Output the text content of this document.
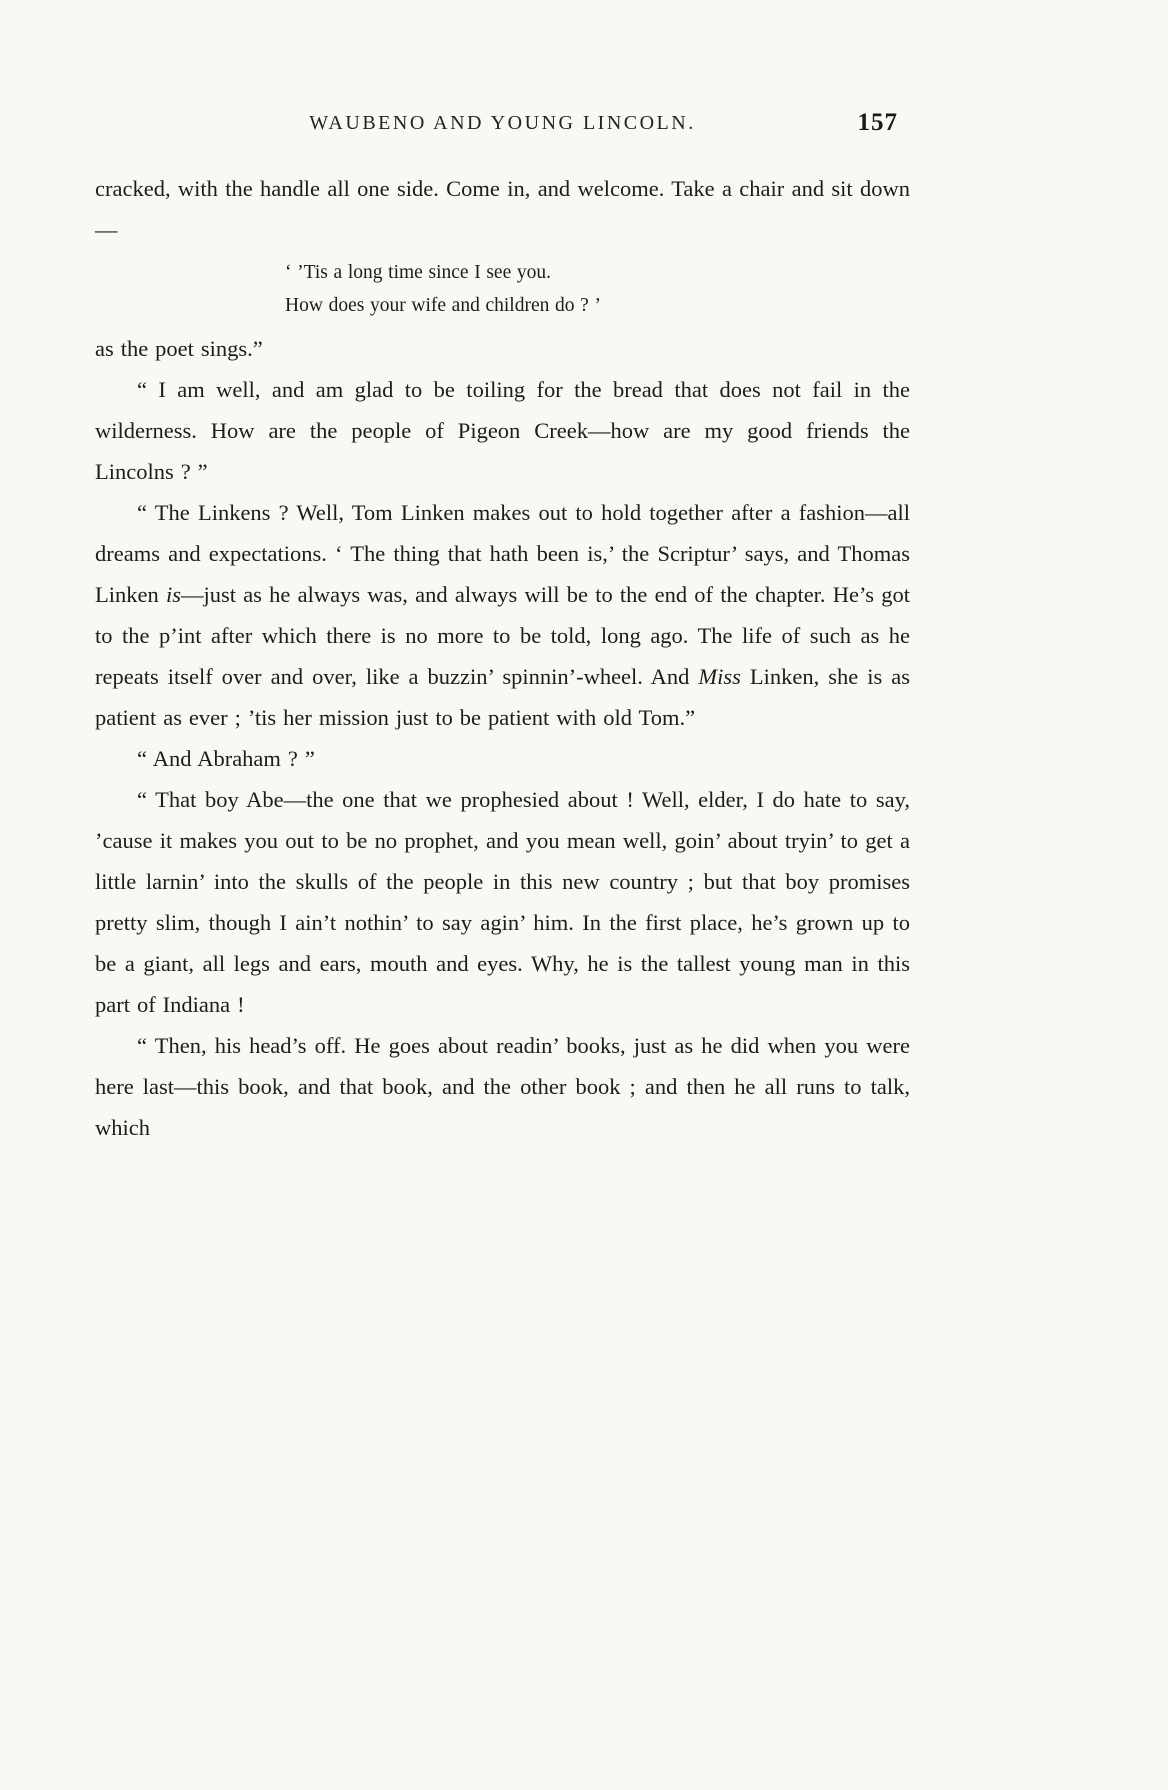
WAUBENO AND YOUNG LINCOLN.	157

cracked, with the handle all one side. Come in, and welcome. Take a chair and sit down—

‘ ’Tis a long time since I see you.
How does your wife and children do ? ’

as the poet sings.”

“ I am well, and am glad to be toiling for the bread that does not fail in the wilderness. How are the people of Pigeon Creek—how are my good friends the Lincolns ? ”

“ The Linkens ? Well, Tom Linken makes out to hold together after a fashion—all dreams and expectations. ‘ The thing that hath been is,’ the Scriptur’ says, and Thomas Linken is—just as he always was, and always will be to the end of the chapter. He’s got to the p’int after which there is no more to be told, long ago. The life of such as he repeats itself over and over, like a buzzin’ spinnin’-wheel. And Miss Linken, she is as patient as ever ; ’tis her mission just to be patient with old Tom.”

“ And Abraham ? ”

“ That boy Abe—the one that we prophesied about ! Well, elder, I do hate to say, ’cause it makes you out to be no prophet, and you mean well, goin’ about tryin’ to get a little larnin’ into the skulls of the people in this new country ; but that boy promises pretty slim, though I ain’t nothin’ to say agin’ him. In the first place, he’s grown up to be a giant, all legs and ears, mouth and eyes. Why, he is the tallest young man in this part of Indiana !

“ Then, his head’s off. He goes about readin’ books, just as he did when you were here last—this book, and that book, and the other book ; and then he all runs to talk, which
